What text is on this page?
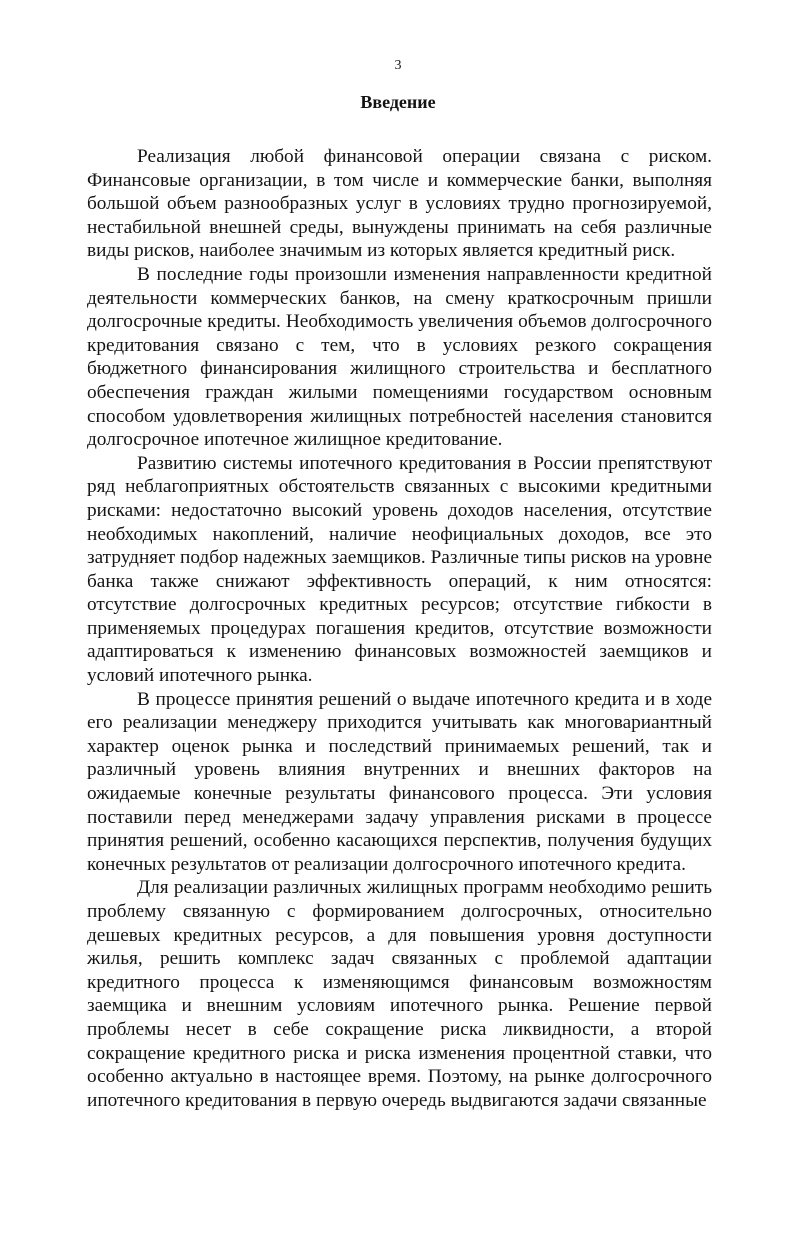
3
Введение

Реализация любой финансовой операции связана с риском. Финансовые организации, в том числе и коммерческие банки, выполняя большой объем разнообразных услуг в условиях трудно прогнозируемой, нестабильной внешней среды, вынуждены принимать на себя различные виды рисков, наиболее значимым из которых является кредитный риск.

В последние годы произошли изменения направленности кредитной деятельности коммерческих банков, на смену краткосрочным пришли долгосрочные кредиты. Необходимость увеличения объемов долгосрочного кредитования связано с тем, что в условиях резкого сокращения бюджетного финансирования жилищного строительства и бесплатного обеспечения граждан жилыми помещениями государством основным способом удовлетворения жилищных потребностей населения становится долгосрочное ипотечное жилищное кредитование.

Развитию системы ипотечного кредитования в России препятствуют ряд неблагоприятных обстоятельств связанных с высокими кредитными рисками: недостаточно высокий уровень доходов населения, отсутствие необходимых накоплений, наличие неофициальных доходов, все это затрудняет подбор надежных заемщиков. Различные типы рисков на уровне банка также снижают эффективность операций, к ним относятся: отсутствие долгосрочных кредитных ресурсов; отсутствие гибкости в применяемых процедурах погашения кредитов, отсутствие возможности адаптироваться к изменению финансовых возможностей заемщиков и условий ипотечного рынка.

В процессе принятия решений о выдаче ипотечного кредита и в ходе его реализации менеджеру приходится учитывать как многовариантный характер оценок рынка и последствий принимаемых решений, так и различный уровень влияния внутренних и внешних факторов на ожидаемые конечные результаты финансового процесса. Эти условия поставили перед менеджерами задачу управления рисками в процессе принятия решений, особенно касающихся перспектив, получения будущих конечных результатов от реализации долгосрочного ипотечного кредита.

Для реализации различных жилищных программ необходимо решить проблему связанную с формированием долгосрочных, относительно дешевых кредитных ресурсов, а для повышения уровня доступности жилья, решить комплекс задач связанных с проблемой адаптации кредитного процесса к изменяющимся финансовым возможностям заемщика и внешним условиям ипотечного рынка. Решение первой проблемы несет в себе сокращение риска ликвидности, а второй сокращение кредитного риска и риска изменения процентной ставки, что особенно актуально в настоящее время. Поэтому, на рынке долгосрочного ипотечного кредитования в первую очередь выдвигаются задачи связанные
